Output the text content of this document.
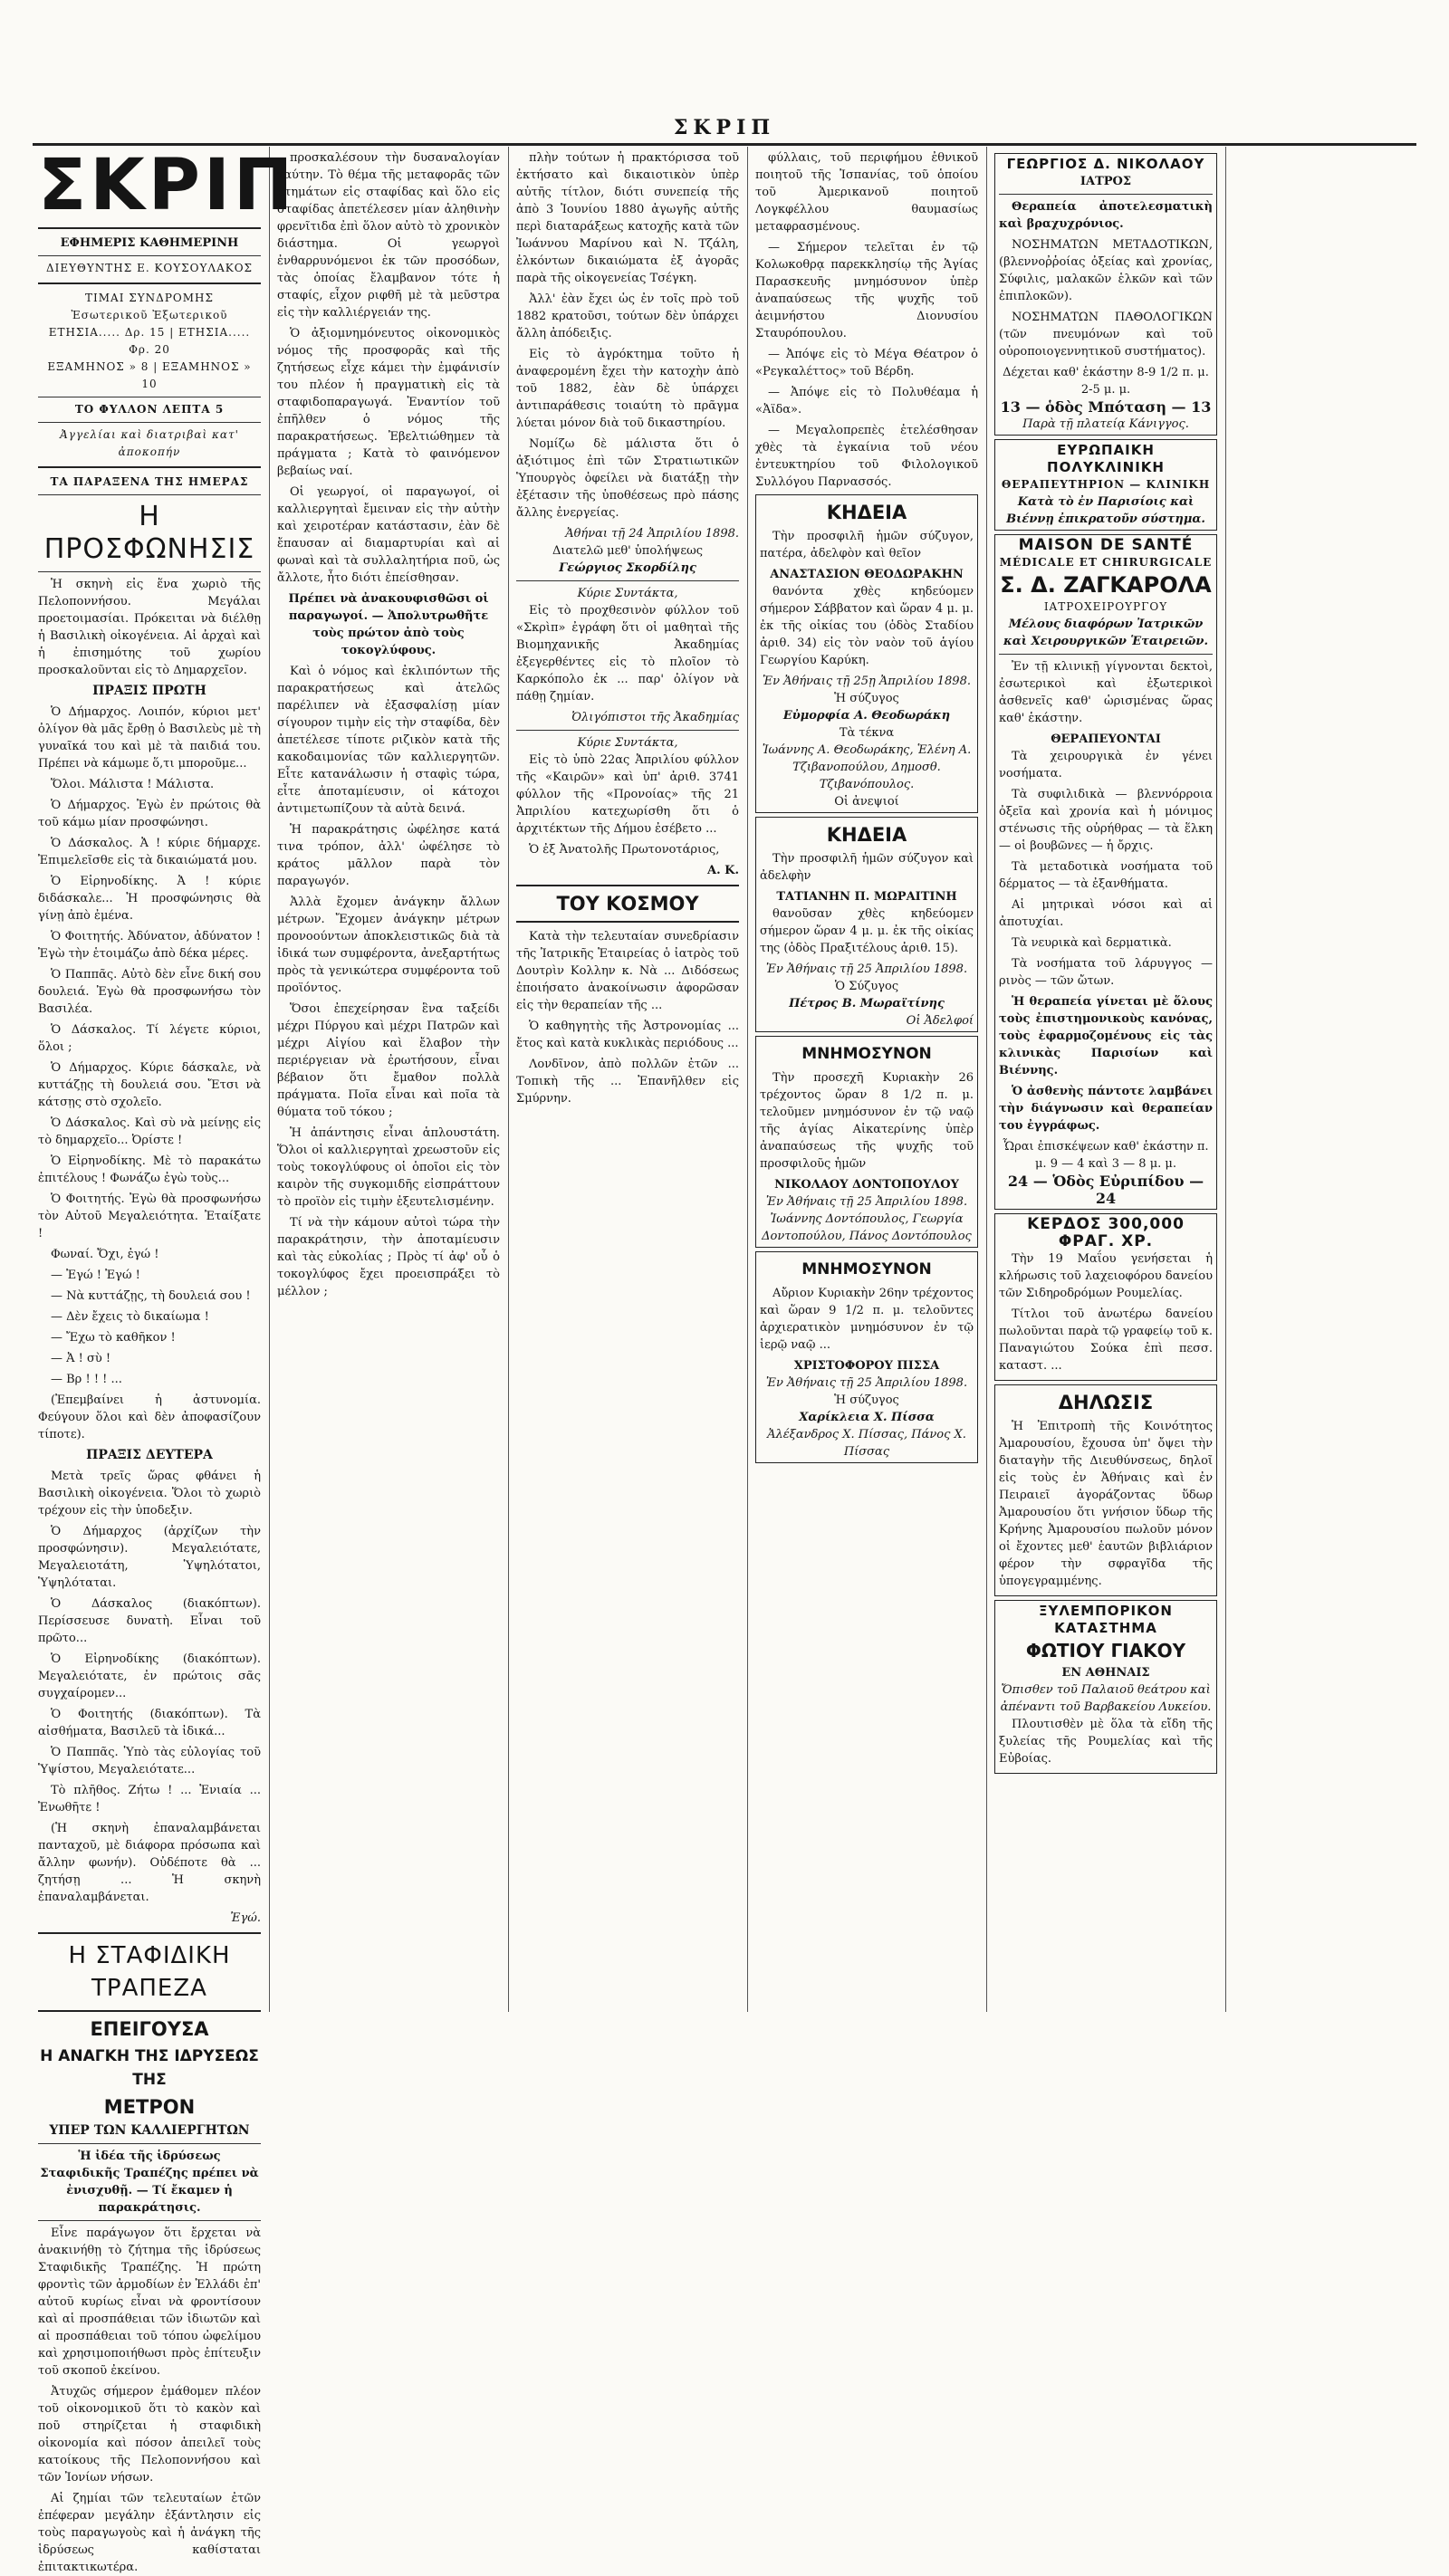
ΣΚΡΙΠ
ΣΚΡΙΠ
ΕΦΗΜΕΡΙΣ ΚΑΘΗΜΕΡΙΝΗ
ΔΙΕΥΘΥΝΤΗΣ Ε. ΚΟΥΣΟΥΛΑΚΟΣ
ΤΙΜΑΙ ΣΥΝΔΡΟΜΗΣ
Ἐσωτερικοῦ Ἐξωτερικοῦ
ΕΤΗΣΙΑ..... Δρ. 15 | ΕΤΗΣΙΑ..... Φρ. 20
ΕΞΑΜΗΝΟΣ » 8 | ΕΞΑΜΗΝΟΣ » 10
ΤΟ ΦΥΛΛΟΝ ΛΕΠΤΑ 5
Ἀγγελίαι καὶ διατριβαὶ κατ' ἀποκοπήν
ΤΑ ΠΑΡΑΞΕΝΑ ΤΗΣ ΗΜΕΡΑΣ
Η ΠΡΟΣΦΩΝΗΣΙΣ

Ἡ σκηνὴ εἰς ἕνα χωριὸ τῆς Πελοποννήσου. Μεγάλαι προετοιμασίαι. Πρόκειται νὰ διέλθῃ ἡ Βασιλικὴ οἰκογένεια. Αἱ ἀρχαὶ καὶ ἡ ἐπισημότης τοῦ χωρίου προσκαλοῦνται εἰς τὸ Δημαρχεῖον.

ΠΡΑΞΙΣ ΠΡΩΤΗ

Ὁ Δήμαρχος. Λοιπόν, κύριοι μετ' ὀλίγον θὰ μᾶς ἔρθῃ ὁ Βασιλεὺς μὲ τὴ γυναῖκά του καὶ μὲ τὰ παιδιά του. Πρέπει νὰ κάμωμε ὅ,τι μποροῦμε...

Ὅλοι. Μάλιστα ! Μάλιστα.

Ὁ Δήμαρχος. Ἐγὼ ἐν πρώτοις θὰ τοῦ κάμω μίαν προσφώνησι.

Ὁ Δάσκαλος. Ἀ ! κύριε δήμαρχε. Ἐπιμελεῖσθε εἰς τὰ δικαιώματά μου.

Ὁ Εἰρηνοδίκης. Ἀ ! κύριε διδάσκαλε... Ἡ προσφώνησις θὰ γίνῃ ἀπὸ ἐμένα.

Ὁ Φοιτητής. Ἀδύνατον, ἀδύνατον ! Ἐγὼ τὴν ἑτοιμάζω ἀπὸ δέκα μέρες.

Ὁ Παππᾶς. Αὐτὸ δὲν εἶνε δική σου δουλειά. Ἐγὼ θὰ προσφωνήσω τὸν Βασιλέα.

Ὁ Δάσκαλος. Τί λέγετε κύριοι, ὅλοι ;

Ὁ Δήμαρχος. Κύριε δάσκαλε, νὰ κυττάζῃς τὴ δουλειά σου. Ἔτσι νὰ κάτσῃς στὸ σχολεῖο.

Ὁ Δάσκαλος. Καὶ σὺ νὰ μείνῃς εἰς τὸ δημαρχεῖο... Ὀρίστε !

Ὁ Εἰρηνοδίκης. Μὲ τὸ παρακάτω ἐπιτέλους ! Φωνάζω ἐγὼ τοὺς...

Ὁ Φοιτητής. Ἐγὼ θὰ προσφωνήσω τὸν Αὐτοῦ Μεγαλειότητα. Ἐταίξατε !

Φωναί. Ὄχι, ἐγώ !

— Ἐγώ ! Ἐγώ !

— Νὰ κυττάζῃς, τὴ δουλειά σου !

— Δὲν ἔχεις τὸ δικαίωμα !

— Ἔχω τὸ καθῆκον !

— Ἀ ! σὺ !

— Βρ ! ! ! ...

(Ἐπεμβαίνει ἡ ἀστυνομία. Φεύγουν ὅλοι καὶ δὲν ἀποφασίζουν τίποτε).

ΠΡΑΞΙΣ ΔΕΥΤΕΡΑ

Μετὰ τρεῖς ὥρας φθάνει ἡ Βασιλικὴ οἰκογένεια. Ὅλοι τὸ χωριὸ τρέχουν εἰς τὴν ὑποδεξιν.

Ὁ Δήμαρχος (ἀρχίζων τὴν προσφώνησιν). Μεγαλειότατε, Μεγαλειοτάτη, Ὑψηλότατοι, Ὑψηλόταται.

Ὁ Δάσκαλος (διακόπτων). Περίσσευσε δυνατὴ. Εἶναι τοῦ πρῶτο...

Ὁ Εἰρηνοδίκης (διακόπτων). Μεγαλειότατε, ἐν πρώτοις σᾶς συγχαίρομεν...

Ὁ Φοιτητής (διακόπτων). Τὰ αἰσθήματα, Βασιλεῦ τὰ ἰδικά...

Ὁ Παππᾶς. Ὑπὸ τὰς εὐλογίας τοῦ Ὑψίστου, Μεγαλειότατε...

Τὸ πλῆθος. Ζήτω ! ... Ἑνιαία ... Ἐνωθῆτε !

(Ἡ σκηνὴ ἐπαναλαμβάνεται πανταχοῦ, μὲ διάφορα πρόσωπα καὶ ἄλλην φωνήν). Οὐδέποτε θὰ ... ζητήσῃ ... Ἡ σκηνὴ ἐπαναλαμβάνεται.

Ἐγώ.
Η ΣΤΑΦΙΔΙΚΗ ΤΡΑΠΕΖΑ
ΕΠΕΙΓΟΥΣΑ
Η ΑΝΑΓΚΗ ΤΗΣ ΙΔΡΥΣΕΩΣ ΤΗΣ
ΜΕΤΡΟΝ
ΥΠΕΡ ΤΩΝ ΚΑΛΛΙΕΡΓΗΤΩΝ

Ἡ ἰδέα τῆς ἱδρύσεως Σταφιδικῆς Τραπέζης πρέπει νὰ ἐνισχυθῇ. — Τί ἔκαμεν ἡ παρακράτησις.

Εἶνε παράγωγον ὅτι ἔρχεται νὰ ἀνακινήθῃ τὸ ζήτημα τῆς ἱδρύσεως Σταφιδικῆς Τραπέζης. Ἡ πρώτη φροντὶς τῶν ἀρμοδίων ἐν Ἑλλάδι ἐπ' αὐτοῦ κυρίως εἶναι νὰ φροντίσουν καὶ αἱ προσπάθειαι τῶν ἰδιωτῶν καὶ αἱ προσπάθειαι τοῦ τόπου ὠφελίμου καὶ χρησιμοποιήθωσι πρὸς ἐπίτευξιν τοῦ σκοποῦ ἐκείνου.

Ἀτυχῶς σήμερον ἐμάθομεν πλέον τοῦ οἰκονομικοῦ ὅτι τὸ κακὸν καὶ ποῦ στηρίζεται ἡ σταφιδικὴ οἰκονομία καὶ πόσον ἀπειλεῖ τοὺς κατοίκους τῆς Πελοποννήσου καὶ τῶν Ἰονίων νήσων.

Αἱ ζημίαι τῶν τελευταίων ἐτῶν ἐπέφεραν μεγάλην ἐξάντλησιν εἰς τοὺς παραγωγοὺς καὶ ἡ ἀνάγκη τῆς ἱδρύσεως καθίσταται ἐπιτακτικωτέρα.

προσκαλέσουν τὴν δυσαναλογίαν ταύτην. Τὸ θέμα τῆς μεταφορᾶς τῶν κτημάτων εἰς σταφίδας καὶ ὅλο εἰς σταφίδας ἀπετέλεσεν μίαν ἀληθινὴν φρενῖτιδα ἐπὶ ὅλον αὐτὸ τὸ χρονικὸν διάστημα. Οἱ γεωργοὶ ἐνθαρρυνόμενοι ἐκ τῶν προσόδων, τὰς ὁποίας ἔλαμβανον τότε ἡ σταφίς, εἶχον ριφθῆ μὲ τὰ μεῦστρα εἰς τὴν καλλιέργειάν της.

Ὁ ἀξιομνημόνευτος οἰκονομικὸς νόμος τῆς προσφορᾶς καὶ τῆς ζητήσεως εἶχε κάμει τὴν ἐμφάνισίν του πλέον ἡ πραγματικὴ εἰς τὰ σταφιδοπαραγωγά. Ἐναντίον τοῦ ἐπῆλθεν ὁ νόμος τῆς παρακρατήσεως. Ἐβελτιώθημεν τὰ πράγματα ; Κατὰ τὸ φαινόμενον βεβαίως ναί.

Οἱ γεωργοί, οἱ παραγωγοί, οἱ καλλιεργηταὶ ἔμειναν εἰς τὴν αὐτὴν καὶ χειροτέραν κατάστασιν, ἐὰν δὲ ἔπαυσαν αἱ διαμαρτυρίαι καὶ αἱ φωναὶ καὶ τὰ συλλαλητήρια ποῦ, ὡς ἄλλοτε, ἦτο διότι ἐπείσθησαν.

Πρέπει νὰ ἀνακουφισθῶσι οἱ παραγωγοί. — Ἀπολυτρωθῆτε τοὺς πρώτον ἀπὸ τοὺς τοκογλύφους.

Καὶ ὁ νόμος καὶ ἐκλιπόντων τῆς παρακρατήσεως καὶ ἀτελῶς παρέλιπεν νὰ ἐξασφαλίσῃ μίαν σίγουρον τιμὴν εἰς τὴν σταφίδα, δὲν ἀπετέλεσε τίποτε ριζικὸν κατὰ τῆς κακοδαιμονίας τῶν καλλιεργητῶν. Εἶτε κατανάλωσιν ἡ σταφὶς τώρα, εἶτε ἀποταμίευσιν, οἱ κάτοχοι ἀντιμετωπίζουν τὰ αὐτὰ δεινά.

Ἡ παρακράτησις ὠφέλησε κατά τινα τρόπον, ἀλλ' ὠφέλησε τὸ κράτος μᾶλλον παρὰ τὸν παραγωγόν.

Ἀλλὰ ἔχομεν ἀνάγκην ἄλλων μέτρων. Ἔχομεν ἀνάγκην μέτρων προνοούντων ἀποκλειστικῶς διὰ τὰ ἰδικά των συμφέροντα, ἀνεξαρτήτως πρὸς τὰ γενικώτερα συμφέροντα τοῦ προϊόντος.

Ὅσοι ἐπεχείρησαν ἓνα ταξείδι μέχρι Πύργου καὶ μέχρι Πατρῶν καὶ μέχρι Αἰγίου καὶ ἔλαβον τὴν περιέργειαν νὰ ἐρωτήσουν, εἶναι βέβαιον ὅτι ἔμαθον πολλὰ πράγματα. Ποῖα εἶναι καὶ ποῖα τὰ θύματα τοῦ τόκου ;

Ἡ ἀπάντησις εἶναι ἁπλουστάτη. Ὅλοι οἱ καλλιεργηταὶ χρεωστοῦν εἰς τοὺς τοκογλύφους οἱ ὁποῖοι εἰς τὸν καιρὸν τῆς συγκομιδῆς εἰσπράττουν τὸ προϊὸν εἰς τιμὴν ἐξευτελισμένην.

Τί νὰ τὴν κάμουν αὐτοὶ τώρα τὴν παρακράτησιν, τὴν ἀποταμίευσιν καὶ τὰς εὐκολίας ; Πρὸς τί ἀφ' οὗ ὁ τοκογλύφος ἔχει προεισπράξει τὸ μέλλον ;

πλὴν τούτων ἡ πρακτόρισσα τοῦ ἐκτήσατο καὶ δικαιοτικὸν ὑπὲρ αὐτῆς τίτλον, διότι συνεπείᾳ τῆς ἀπὸ 3 Ἰουνίου 1880 ἀγωγῆς αὐτῆς περὶ διαταράξεως κατοχῆς κατὰ τῶν Ἰωάννου Μαρίνου καὶ Ν. Τζάλη, ἐλκόντων δικαιώματα ἐξ ἀγορᾶς παρὰ τῆς οἰκογενείας Τσέγκη.

Ἀλλ' ἐὰν ἔχει ὡς ἐν τοῖς πρὸ τοῦ 1882 κρατοῦσι, τούτων δὲν ὑπάρχει ἄλλη ἀπόδειξις.

Εἰς τὸ ἀγρόκτημα τοῦτο ἡ ἀναφερομένη ἔχει τὴν κατοχὴν ἀπὸ τοῦ 1882, ἐὰν δὲ ὑπάρχει ἀντιπαράθεσις τοιαύτη τὸ πρᾶγμα λύεται μόνον διὰ τοῦ δικαστηρίου.

Νομίζω δὲ μάλιστα ὅτι ὁ ἀξιότιμος ἐπὶ τῶν Στρατιωτικῶν Ὑπουργὸς ὀφείλει νὰ διατάξῃ τὴν ἐξέτασιν τῆς ὑποθέσεως πρὸ πάσης ἄλλης ἐνεργείας.

Ἀθήναι τῇ 24 Ἀπριλίου 1898.
Διατελῶ μεθ' ὑπολήψεως
Γεώργιος Σκορδίλης
Κύριε Συντάκτα,

Εἰς τὸ προχθεσινὸν φύλλον τοῦ «Σκρὶπ» ἐγράφη ὅτι οἱ μαθηταὶ τῆς Βιομηχανικῆς Ἀκαδημίας ἐξεγερθέντες εἰς τὸ πλοῖον τὸ Καρκόπολο ἐκ ... παρ' ὀλίγον νὰ πάθῃ ζημίαν.

Ὀλιγόπιστοι τῆς Ἀκαδημίας
Κύριε Συντάκτα,

Εἰς τὸ ὑπὸ 22ας Ἀπριλίου φύλλον τῆς «Καιρῶν» καὶ ὑπ' ἀριθ. 3741 φύλλον τῆς «Προνοίας» τῆς 21 Ἀπριλίου κατεχωρίσθη ὅτι ὁ ἀρχιτέκτων τῆς Δήμου ἐσέβετο ...

Ὁ ἐξ Ἀνατολῆς Πρωτονοτάριος,

Α. Κ.
ΤΟΥ ΚΟΣΜΟΥ

Κατὰ τὴν τελευταίαν συνεδρίασιν τῆς Ἰατρικῆς Ἑταιρείας ὁ ἰατρὸς τοῦ Δουτρὶν Κολλην κ. Νὰ ... Διδόσεως ἐποιήσατο ἀνακοίνωσιν ἀφορῶσαν εἰς τὴν θεραπείαν τῆς ...

Ὁ καθηγητὴς τῆς Ἀστρονομίας ... ἔτος καὶ κατὰ κυκλικὰς περιόδους ...

Λονδῖνον, ἀπὸ πολλῶν ἐτῶν ... Τοπικὴ τῆς ... Ἐπανῆλθεν εἰς Σμύρνην.

φύλλαις, τοῦ περιφήμου ἐθνικοῦ ποιητοῦ τῆς Ἰσπανίας, τοῦ ὁποίου τοῦ Ἀμερικανοῦ ποιητοῦ Λογκφέλλου θαυμασίως μεταφρασμένους.

— Σήμερον τελεῖται ἐν τῷ Κολωκοθρᾳ παρεκκλησίῳ τῆς Ἁγίας Παρασκευῆς μνημόσυνον ὑπὲρ ἀναπαύσεως τῆς ψυχῆς τοῦ ἀειμνήστου Διονυσίου Σταυρόπουλου.

— Ἀπόψε εἰς τὸ Μέγα Θέατρον ὁ «Ρεγκαλέττος» τοῦ Βέρδη.

— Ἀπόψε εἰς τὸ Πολυθέαμα ἡ «Ἀϊδα».

— Μεγαλοπρεπὲς ἐτελέσθησαν χθὲς τὰ ἐγκαίνια τοῦ νέου ἐντευκτηρίου τοῦ Φιλολογικοῦ Συλλόγου Παρνασσός.

ΚΗΔΕΙΑ

Τὴν προσφιλῆ ἡμῶν σύζυγον, πατέρα, ἀδελφὸν καὶ θεῖον

ΑΝΑΣΤΑΣΙΟΝ ΘΕΟΔΩΡΑΚΗΝ

θανόντα χθὲς κηδεύομεν σήμερον Σάββατον καὶ ὥραν 4 μ. μ. ἐκ τῆς οἰκίας του (ὁδὸς Σταδίου ἀριθ. 34) εἰς τὸν ναὸν τοῦ ἁγίου Γεωργίου Καρύκη.

Ἐν Ἀθήναις τῇ 25ῃ Ἀπριλίου 1898.
Ἡ σύζυγος
Εὐμορφία Α. Θεοδωράκη
Τὰ τέκνα
Ἰωάννης Α. Θεοδωράκης, Ἑλένη Α. Τζιβανοπούλου, Δημοσθ. Τζιβανόπουλος.
Οἱ ἀνεψιοί
ΚΗΔΕΙΑ

Τὴν προσφιλῆ ἡμῶν σύζυγον καὶ ἀδελφὴν

ΤΑΤΙΑΝΗΝ Π. ΜΩΡΑΙΤΙΝΗ

θανοῦσαν χθὲς κηδεύομεν σήμερον ὥραν 4 μ. μ. ἐκ τῆς οἰκίας της (ὁδὸς Πραξιτέλους ἀριθ. 15).

Ἐν Ἀθήναις τῇ 25 Ἀπριλίου 1898.
Ὁ Σύζυγος
Πέτρος Β. Μωραϊτίνης
Οἱ Ἀδελφοί
ΜΝΗΜΟΣΥΝΟΝ

Τὴν προσεχῆ Κυριακὴν 26 τρέχοντος ὥραν 8 1/2 π. μ. τελοῦμεν μνημόσυνον ἐν τῷ ναῷ τῆς ἁγίας Αἰκατερίνης ὑπὲρ ἀναπαύσεως τῆς ψυχῆς τοῦ προσφιλοῦς ἡμῶν

ΝΙΚΟΛΑΟΥ ΔΟΝΤΟΠΟΥΛΟΥ
Ἐν Ἀθήναις τῇ 25 Ἀπριλίου 1898.
Ἰωάννης Δοντόπουλος, Γεωργία Δοντοπούλου, Πάνος Δοντόπουλος
ΜΝΗΜΟΣΥΝΟΝ

Αὔριον Κυριακὴν 26ην τρέχοντος καὶ ὥραν 9 1/2 π. μ. τελοῦντες ἀρχιερατικὸν μνημόσυνον ἐν τῷ ἱερῷ ναῷ ...

ΧΡΙΣΤΟΦΟΡΟΥ ΠΙΣΣΑ
Ἐν Ἀθήναις τῇ 25 Ἀπριλίου 1898.
Ἡ σύζυγος
Χαρίκλεια Χ. Πίσσα
Ἀλέξανδρος Χ. Πίσσας, Πάνος Χ. Πίσσας
ΓΕΩΡΓΙΟΣ Δ. ΝΙΚΟΛΑΟΥ
ΙΑΤΡΟΣ

Θεραπεία ἀποτελεσματικὴ καὶ βραχυχρόνιος.

ΝΟΣΗΜΑΤΩΝ ΜΕΤΑΔΟΤΙΚΩΝ, (βλεννοῤῥοίας ὀξείας καὶ χρονίας, Σύφιλις, μαλακῶν ἑλκῶν καὶ τῶν ἐπιπλοκῶν).

ΝΟΣΗΜΑΤΩΝ ΠΑΘΟΛΟΓΙΚΩΝ (τῶν πνευμόνων καὶ τοῦ οὐροποιογεννητικοῦ συστήματος).

Δέχεται καθ' ἑκάστην 8-9 1/2 π. μ. 2-5 μ. μ.
13 — ὁδὸς Μπόταση — 13
Παρὰ τῇ πλατείᾳ Κάνιγγος.
ΕΥΡΩΠΑΙΚΗ ΠΟΛΥΚΛΙΝΙΚΗ
ΘΕΡΑΠΕΥΤΗΡΙΟΝ — ΚΛΙΝΙΚΗ
Κατὰ τὸ ἐν Παρισίοις καὶ Βιέννῃ ἐπικρατοῦν σύστημα.
MAISON DE SANTÉ
MÉDICALE ET CHIRURGICALE
Σ. Δ. ΖΑΓΚΑΡΟΛΑ
ΙΑΤΡΟΧΕΙΡΟΥΡΓΟΥ
Μέλους διαφόρων Ἰατρικῶν καὶ Χειρουργικῶν Ἑταιρειῶν.

Ἐν τῇ κλινικῇ γίγνονται δεκτοὶ, ἐσωτερικοὶ καὶ ἐξωτερικοὶ ἀσθενεῖς καθ' ὡρισμένας ὥρας καθ' ἑκάστην.

ΘΕΡΑΠΕΥΟΝΤΑΙ

Τὰ χειρουργικὰ ἐν γένει νοσήματα.

Τὰ συφιλιδικὰ — βλεννόρροια ὀξεῖα καὶ χρονία καὶ ἡ μόνιμος στένωσις τῆς οὐρήθρας — τὰ ἕλκη — οἱ βουβῶνες — ἡ ὄρχις.

Τὰ μεταδοτικὰ νοσήματα τοῦ δέρματος — τὰ ἐξανθήματα.

Αἱ μητρικαὶ νόσοι καὶ αἱ ἀποτυχίαι.

Τὰ νευρικὰ καὶ δερματικὰ.

Τὰ νοσήματα τοῦ λάρυγγος — ρινὸς — τῶν ὤτων.

Ἡ θεραπεία γίνεται μὲ ὅλους τοὺς ἐπιστημονικοὺς κανόνας, τοὺς ἐφαρμοζομένους εἰς τὰς κλινικὰς Παρισίων καὶ Βιέννης.

Ὁ ἀσθενὴς πάντοτε λαμβάνει τὴν διάγνωσιν καὶ θεραπείαν του ἐγγράφως.

Ὧραι ἐπισκέψεων καθ' ἑκάστην π. μ. 9 — 4 καὶ 3 — 8 μ. μ.
24 — Ὁδὸς Εὐριπίδου — 24
ΚΕΡΔΟΣ 300,000 ΦΡΑΓ. ΧΡ.

Τὴν 19 Μαΐου γενήσεται ἡ κλήρωσις τοῦ λαχειοφόρου δανείου τῶν Σιδηροδρόμων Ρουμελίας.

Τίτλοι τοῦ ἀνωτέρω δανείου πωλοῦνται παρὰ τῷ γραφείῳ τοῦ κ. Παναγιώτου Σούκα ἐπὶ πεσσ. καταστ. ...

ΔΗΛΩΣΙΣ

Ἡ Ἐπιτροπὴ τῆς Κοινότητος Ἀμαρουσίου, ἔχουσα ὑπ' ὄψει τὴν διαταγὴν τῆς Διευθύνσεως, δηλοῖ εἰς τοὺς ἐν Ἀθήναις καὶ ἐν Πειραιεῖ ἀγοράζοντας ὕδωρ Ἀμαρουσίου ὅτι γνήσιον ὕδωρ τῆς Κρήνης Ἀμαρουσίου πωλοῦν μόνον οἱ ἔχοντες μεθ' ἑαυτῶν βιβλιάριον φέρον τὴν σφραγῖδα τῆς ὑπογεγραμμένης.

ΞΥΛΕΜΠΟΡΙΚΟΝ ΚΑΤΑΣΤΗΜΑ
ΦΩΤΙΟΥ ΓΙΑΚΟΥ
ΕΝ ΑΘΗΝΑΙΣ
Ὄπισθεν τοῦ Παλαιοῦ θεάτρου καὶ ἀπέναντι τοῦ Βαρβακείου Λυκείου.

Πλουτισθὲν μὲ ὅλα τὰ εἴδη τῆς ξυλείας τῆς Ρουμελίας καὶ τῆς Εὐβοίας.
